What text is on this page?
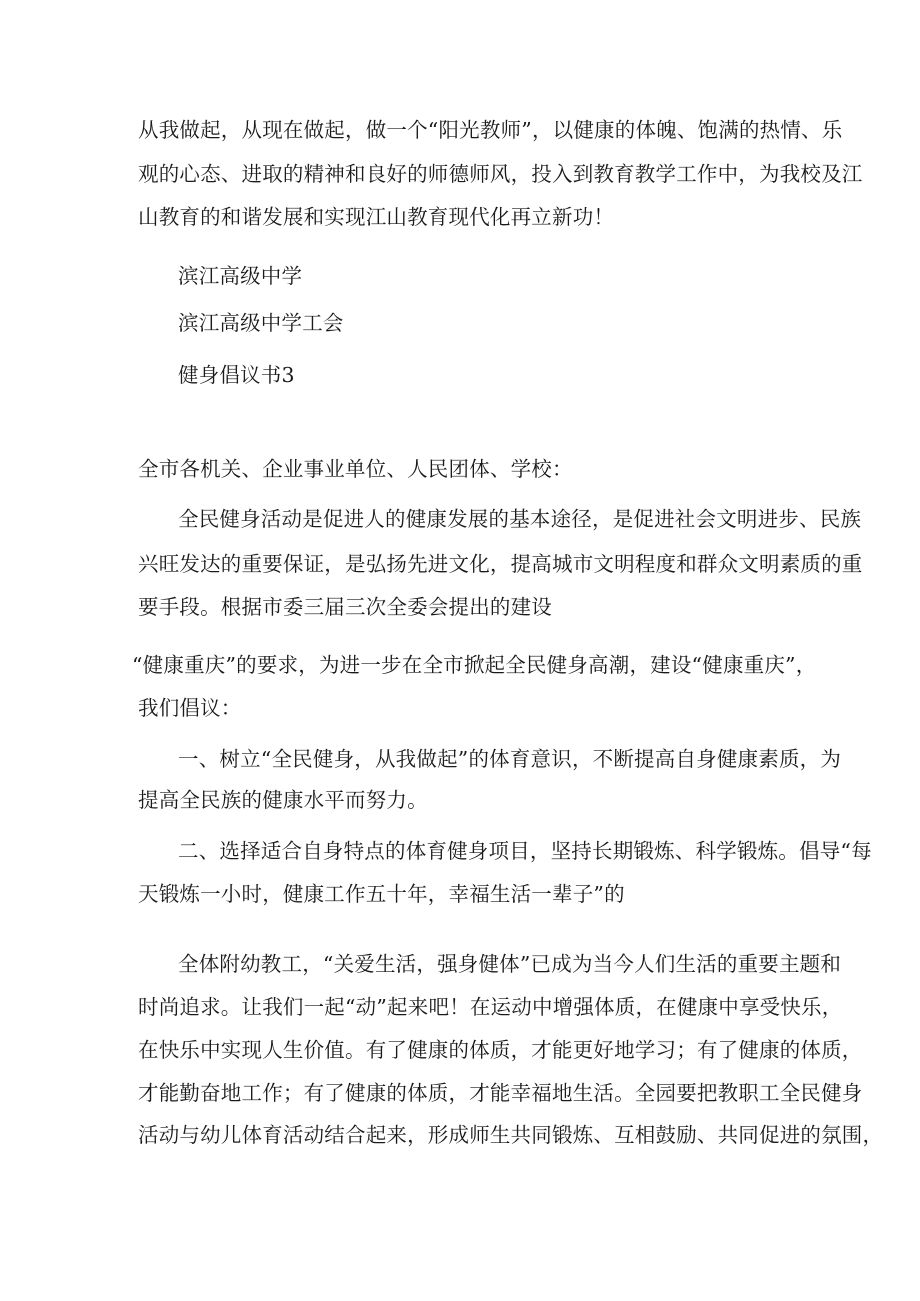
从我做起，从现在做起，做一个“阳光教师”，以健康的体魄、饱满的热情、乐
观的心态、进取的精神和良好的师德师风，投入到教育教学工作中，为我校及江
山教育的和谐发展和实现江山教育现代化再立新功！
滨江高级中学
滨江高级中学工会
健身倡议书3
全市各机关、企业事业单位、人民团体、学校：
全民健身活动是促进人的健康发展的基本途径，是促进社会文明进步、民族
兴旺发达的重要保证，是弘扬先进文化，提高城市文明程度和群众文明素质的重
要手段。根据市委三届三次全委会提出的建设
“健康重庆”的要求，为进一步在全市掀起全民健身高潮，建设“健康重庆”，
我们倡议：
一、树立“全民健身，从我做起”的体育意识，不断提高自身健康素质，为
提高全民族的健康水平而努力。
二、选择适合自身特点的体育健身项目，坚持长期锻炼、科学锻炼。倡导“每
天锻炼一小时，健康工作五十年，幸福生活一辈子”的
全体附幼教工，“关爱生活，强身健体”已成为当今人们生活的重要主题和
时尚追求。让我们一起“动”起来吧！在运动中增强体质，在健康中享受快乐，
在快乐中实现人生价值。有了健康的体质，才能更好地学习；有了健康的体质，
才能勤奋地工作；有了健康的体质，才能幸福地生活。全园要把教职工全民健身
活动与幼儿体育活动结合起来，形成师生共同锻炼、互相鼓励、共同促进的氛围，
